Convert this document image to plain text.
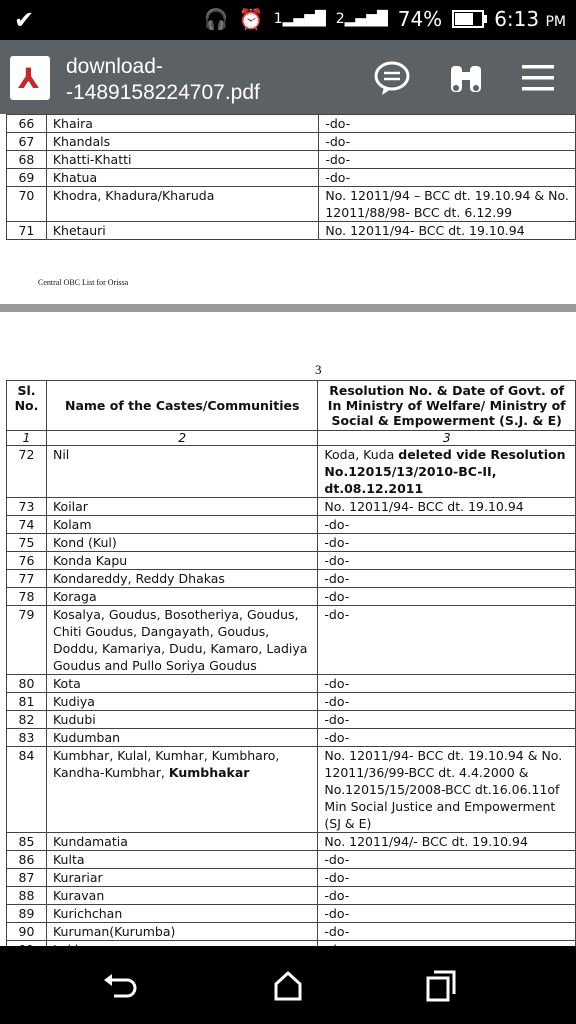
✔	🎧 ⏰ 1▂▄▆█ 2▂▄▆█ 74%	6:13 PM
⅄ download-
-1489158224707.pdf
66	Khaira	-do-
67	Khandals	-do-
68	Khatti-Khatti	-do-
69	Khatua	-do-
70	Khodra, Khadura/Kharuda	No. 12011/94 – BCC dt. 19.10.94 & No. 12011/88/98- BCC dt. 6.12.99
71	Khetauri	No. 12011/94- BCC dt. 19.10.94
Central OBC List for Orissa
3
Sl. No.	Name of the Castes/Communities	Resolution No. & Date of Govt. of In Ministry of Welfare/ Ministry of Social & Empowerment (S.J. & E)
1	2	3
72	Nil	Koda, Kuda deleted vide Resolution No.12015/13/2010-BC-II, dt.08.12.2011
73	Koilar	No. 12011/94- BCC dt. 19.10.94
74	Kolam	-do-
75	Kond (Kul)	-do-
76	Konda Kapu	-do-
77	Kondareddy, Reddy Dhakas	-do-
78	Koraga	-do-
79	Kosalya, Goudus, Bosotheriya, Goudus, Chiti Goudus, Dangayath, Goudus, Doddu, Kamariya, Dudu, Kamaro, Ladiya Goudus and Pullo Soriya Goudus	-do-
80	Kota	-do-
81	Kudiya	-do-
82	Kudubi	-do-
83	Kudumban	-do-
84	Kumbhar, Kulal, Kumhar, Kumbharo, Kandha-Kumbhar, Kumbhakar	No. 12011/94- BCC dt. 19.10.94 & No. 12011/36/99-BCC dt. 4.4.2000 & No.12015/15/2008-BCC dt.16.06.11of Min Social Justice and Empowerment (SJ & E)
85	Kundamatia	No. 12011/94/- BCC dt. 19.10.94
86	Kulta	-do-
87	Kurariar	-do-
88	Kuravan	-do-
89	Kurichchan	-do-
90	Kuruman(Kurumba)	-do-
